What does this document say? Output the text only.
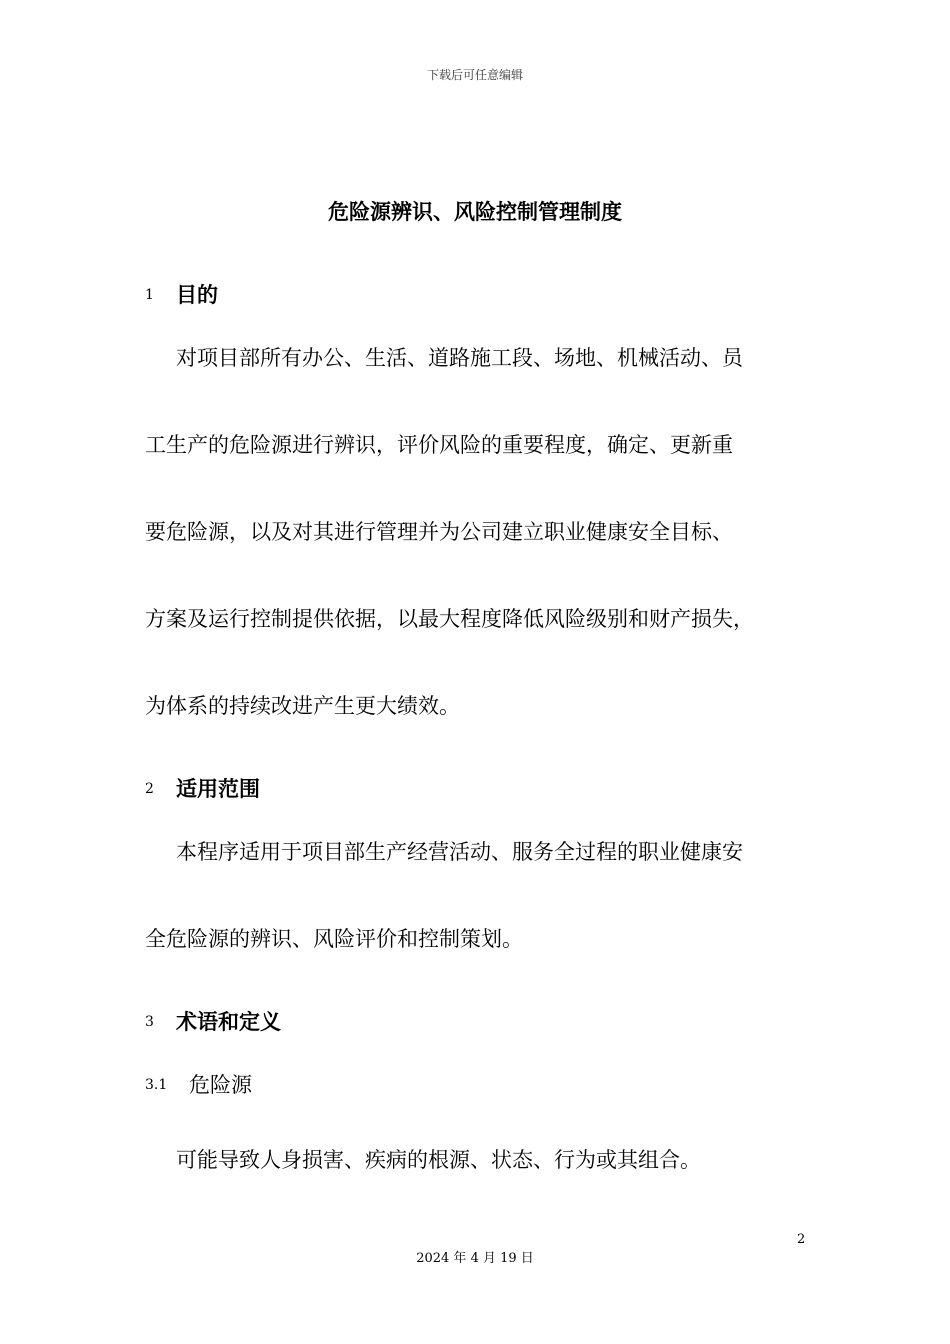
下载后可任意编辑
危险源辨识、风险控制管理制度
1 目的
对项目部所有办公、生活、道路施工段、场地、机械活动、员
工生产的危险源进行辨识，评价风险的重要程度，确定、更新重
要危险源，以及对其进行管理并为公司建立职业健康安全目标、
方案及运行控制提供依据，以最大程度降低风险级别和财产损失，
为体系的持续改进产生更大绩效。
2 适用范围
本程序适用于项目部生产经营活动、服务全过程的职业健康安
全危险源的辨识、风险评价和控制策划。
3 术语和定义
3.1 危险源
可能导致人身损害、疾病的根源、状态、行为或其组合。
2
2024 年 4 月 19 日
